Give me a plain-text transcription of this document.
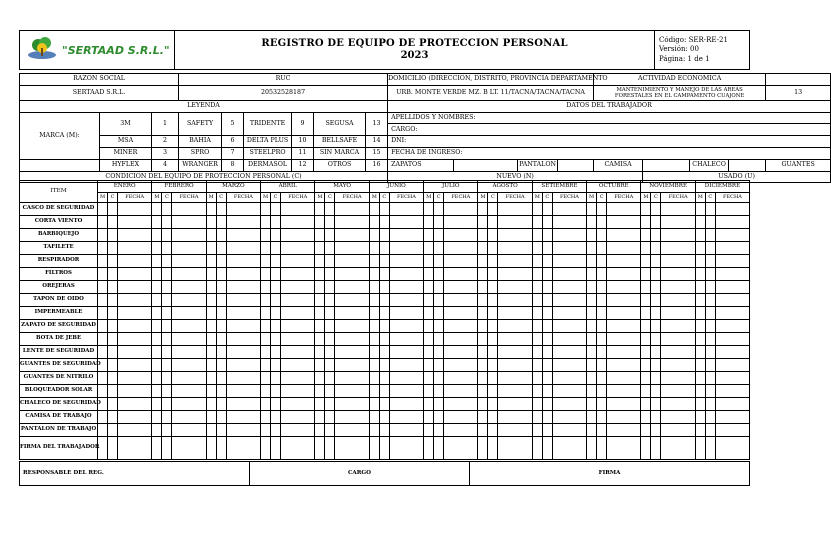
"SERTAAD S.R.L."	REGISTRO DE EQUIPO DE PROTECCION PERSONAL
2023

Código: SER-RE-21
Versión: 00
Página: 1 de 1
RAZON SOCIAL			RUC						DOMICILIO (DIRECCION, DISTRITO, PROVINCIA DEPARTAMENTO				ACTIVIDAD ECONOMICA		
SERTAAD S.R.L.			20532528187						URB. MONTE VERDE MZ. B LT. 11/TACNA/TACNA/TACNA				MANTENIMIENTO Y MANEJO DE LAS AREAS
FORESTALES EN EL CAMPAMENTO CUAJONE				13	
LEYENDA									DATOS DEL TRABAJADOR									
MARCA (M):	3M	1	SAFETY	5	TRIDENTE	9	SEGUSA	13	APELLIDOS Y NOMBRES:									
									CARGO:									
	MSA	2	BAHIA	6	DELTA PLUS	10	BELLSAFE	14	DNI:									
	MINER	3	SPRO	7	STEELPRO	11	SIN MARCA	15	FECHA DE INGRESO:									
	HYFLEX	4	WRANGER	8	DERMASOL	12	OTROS	16	ZAPATOS		PANTALON		CAMISA		CHALECO		GUANTES	
CONDICION DEL EQUIPO DE PROTECCION PERSONAL (C)									NUEVO (N)					USADO (U)				
ITEM	ENERO			FEBRERO			MARZO			ABRIL			MAYO			JUNIO			JULIO			AGOSTO			SETIEMBRE			OCTUBRE			NOVIEMBRE			DICIEMBRE		
	M	C	FECHA	M	C	FECHA	M	C	FECHA	M	C	FECHA	M	C	FECHA	M	C	FECHA	M	C	FECHA	M	C	FECHA	M	C	FECHA	M	C	FECHA	M	C	FECHA	M	C	FECHA
CASCO DE SEGURIDAD																																				
CORTA VIENTO																																				
BARBIQUEJO																																				
TAFILETE																																				
RESPIRADOR																																				
FILTROS																																				
OREJERAS																																				
TAPON DE OIDO																																				
IMPERMEABLE																																				
ZAPATO DE SEGURIDAD																																				
BOTA DE JEBE																																				
LENTE DE SEGURIDAD																																				
GUANTES DE SEGURIDAD																																				
GUANTES DE NITRILO																																				
BLOQUEADOR SOLAR																																				
CHALECO DE SEGURIDAD																																				
CAMISA DE TRABAJO																																				
PANTALON DE TRABAJO																																				
FIRMA DEL TRABAJADOR																																				
RESPONSABLE DEL REG.	CARGO	FIRMA
